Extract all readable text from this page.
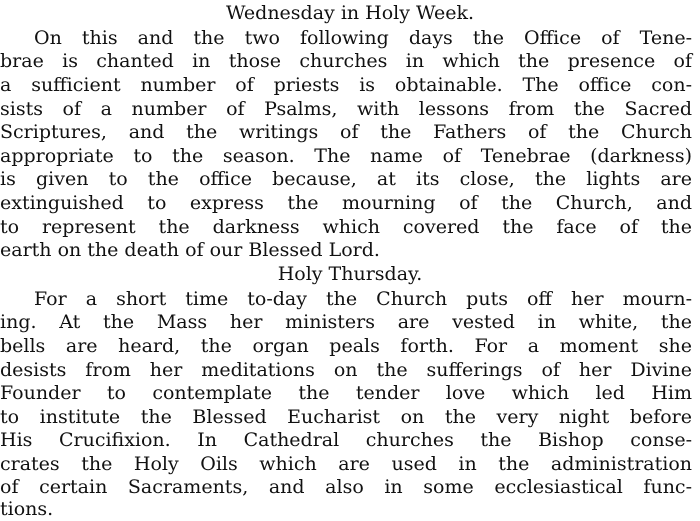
Wednesday in Holy Week.
On this and the two following days the Office of Tene-
brae is chanted in those churches in which the presence of
a sufficient number of priests is obtainable. The office con-
sists of a number of Psalms, with lessons from the Sacred
Scriptures, and the writings of the Fathers of the Church
appropriate to the season. The name of Tenebrae (darkness)
is given to the office because, at its close, the lights are
extinguished to express the mourning of the Church, and
to represent the darkness which covered the face of the
earth on the death of our Blessed Lord.
Holy Thursday.
For a short time to-day the Church puts off her mourn-
ing. At the Mass her ministers are vested in white, the
bells are heard, the organ peals forth. For a moment she
desists from her meditations on the sufferings of her Divine
Founder to contemplate the tender love which led Him
to institute the Blessed Eucharist on the very night before
His Crucifixion. In Cathedral churches the Bishop conse-
crates the Holy Oils which are used in the administration
of certain Sacraments, and also in some ecclesiastical func-
tions.
